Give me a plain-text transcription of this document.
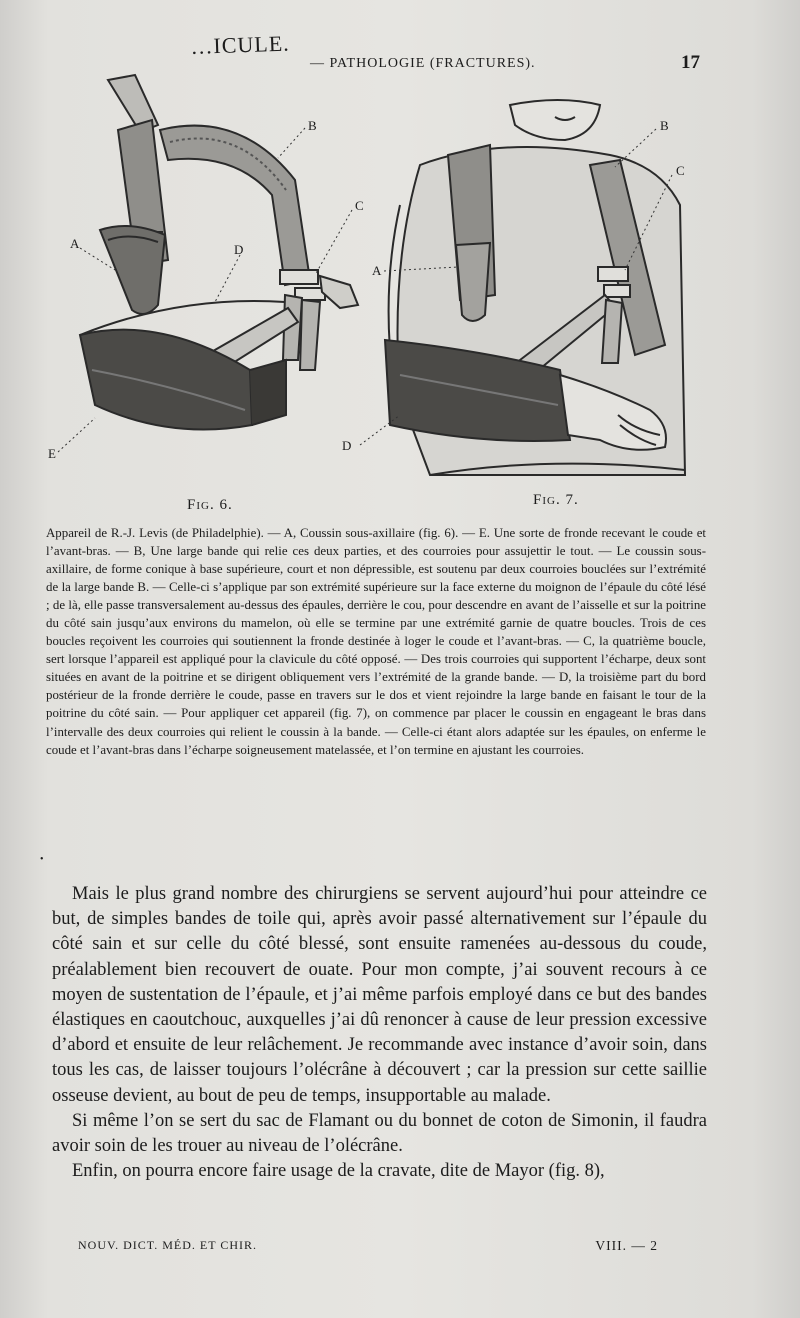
…ICULE.
— PATHOLOGIE (FRACTURES).	17
A
B
C
D
E
A
B
C
D
Fig. 6.	Fig. 7.

Appareil de R.-J. Levis (de Philadelphie). — A, Coussin sous-axillaire (fig. 6). — E. Une sorte de fronde recevant le coude et l’avant-bras. — B, Une large bande qui relie ces deux parties, et des courroies pour assujettir le tout. — Le coussin sous-axillaire, de forme conique à base supérieure, court et non dépressible, est soutenu par deux courroies bouclées sur l’extrémité de la large bande B. — Celle-ci s’applique par son extrémité supérieure sur la face externe du moignon de l’épaule du côté lésé ; de là, elle passe transversalement au-dessus des épaules, derrière le cou, pour descendre en avant de l’aisselle et sur la poitrine du côté sain jusqu’aux environs du mamelon, où elle se termine par une extrémité garnie de quatre boucles. Trois de ces boucles reçoivent les courroies qui soutiennent la fronde destinée à loger le coude et l’avant-bras. — C, la quatrième boucle, sert lorsque l’appareil est appliqué pour la clavicule du côté opposé. — Des trois courroies qui supportent l’écharpe, deux sont situées en avant de la poitrine et se dirigent obliquement vers l’extrémité de la grande bande. — D, la troisième part du bord postérieur de la fronde derrière le coude, passe en travers sur le dos et vient rejoindre la large bande en faisant le tour de la poitrine du côté sain. — Pour appliquer cet appareil (fig. 7), on commence par placer le coussin en engageant le bras dans l’intervalle des deux courroies qui relient le coussin à la bande. — Celle-ci étant alors adaptée sur les épaules, on enferme le coude et l’avant-bras dans l’écharpe soigneusement matelassée, et l’on termine en ajustant les courroies.

•

Mais le plus grand nombre des chirurgiens se servent aujourd’hui pour atteindre ce but, de simples bandes de toile qui, après avoir passé alternativement sur l’épaule du côté sain et sur celle du côté blessé, sont ensuite ramenées au-dessous du coude, préalablement bien recouvert de ouate. Pour mon compte, j’ai souvent recours à ce moyen de sustentation de l’épaule, et j’ai même parfois employé dans ce but des bandes élastiques en caoutchouc, auxquelles j’ai dû renoncer à cause de leur pression excessive d’abord et ensuite de leur relâchement. Je recommande avec instance d’avoir soin, dans tous les cas, de laisser toujours l’olécrâne à découvert ; car la pression sur cette saillie osseuse devient, au bout de peu de temps, insupportable au malade.

Si même l’on se sert du sac de Flamant ou du bonnet de coton de Simonin, il faudra avoir soin de les trouer au niveau de l’olécrâne.

Enfin, on pourra encore faire usage de la cravate, dite de Mayor (fig. 8),

NOUV. DICT. MÉD. ET CHIR.	VIII. — 2
